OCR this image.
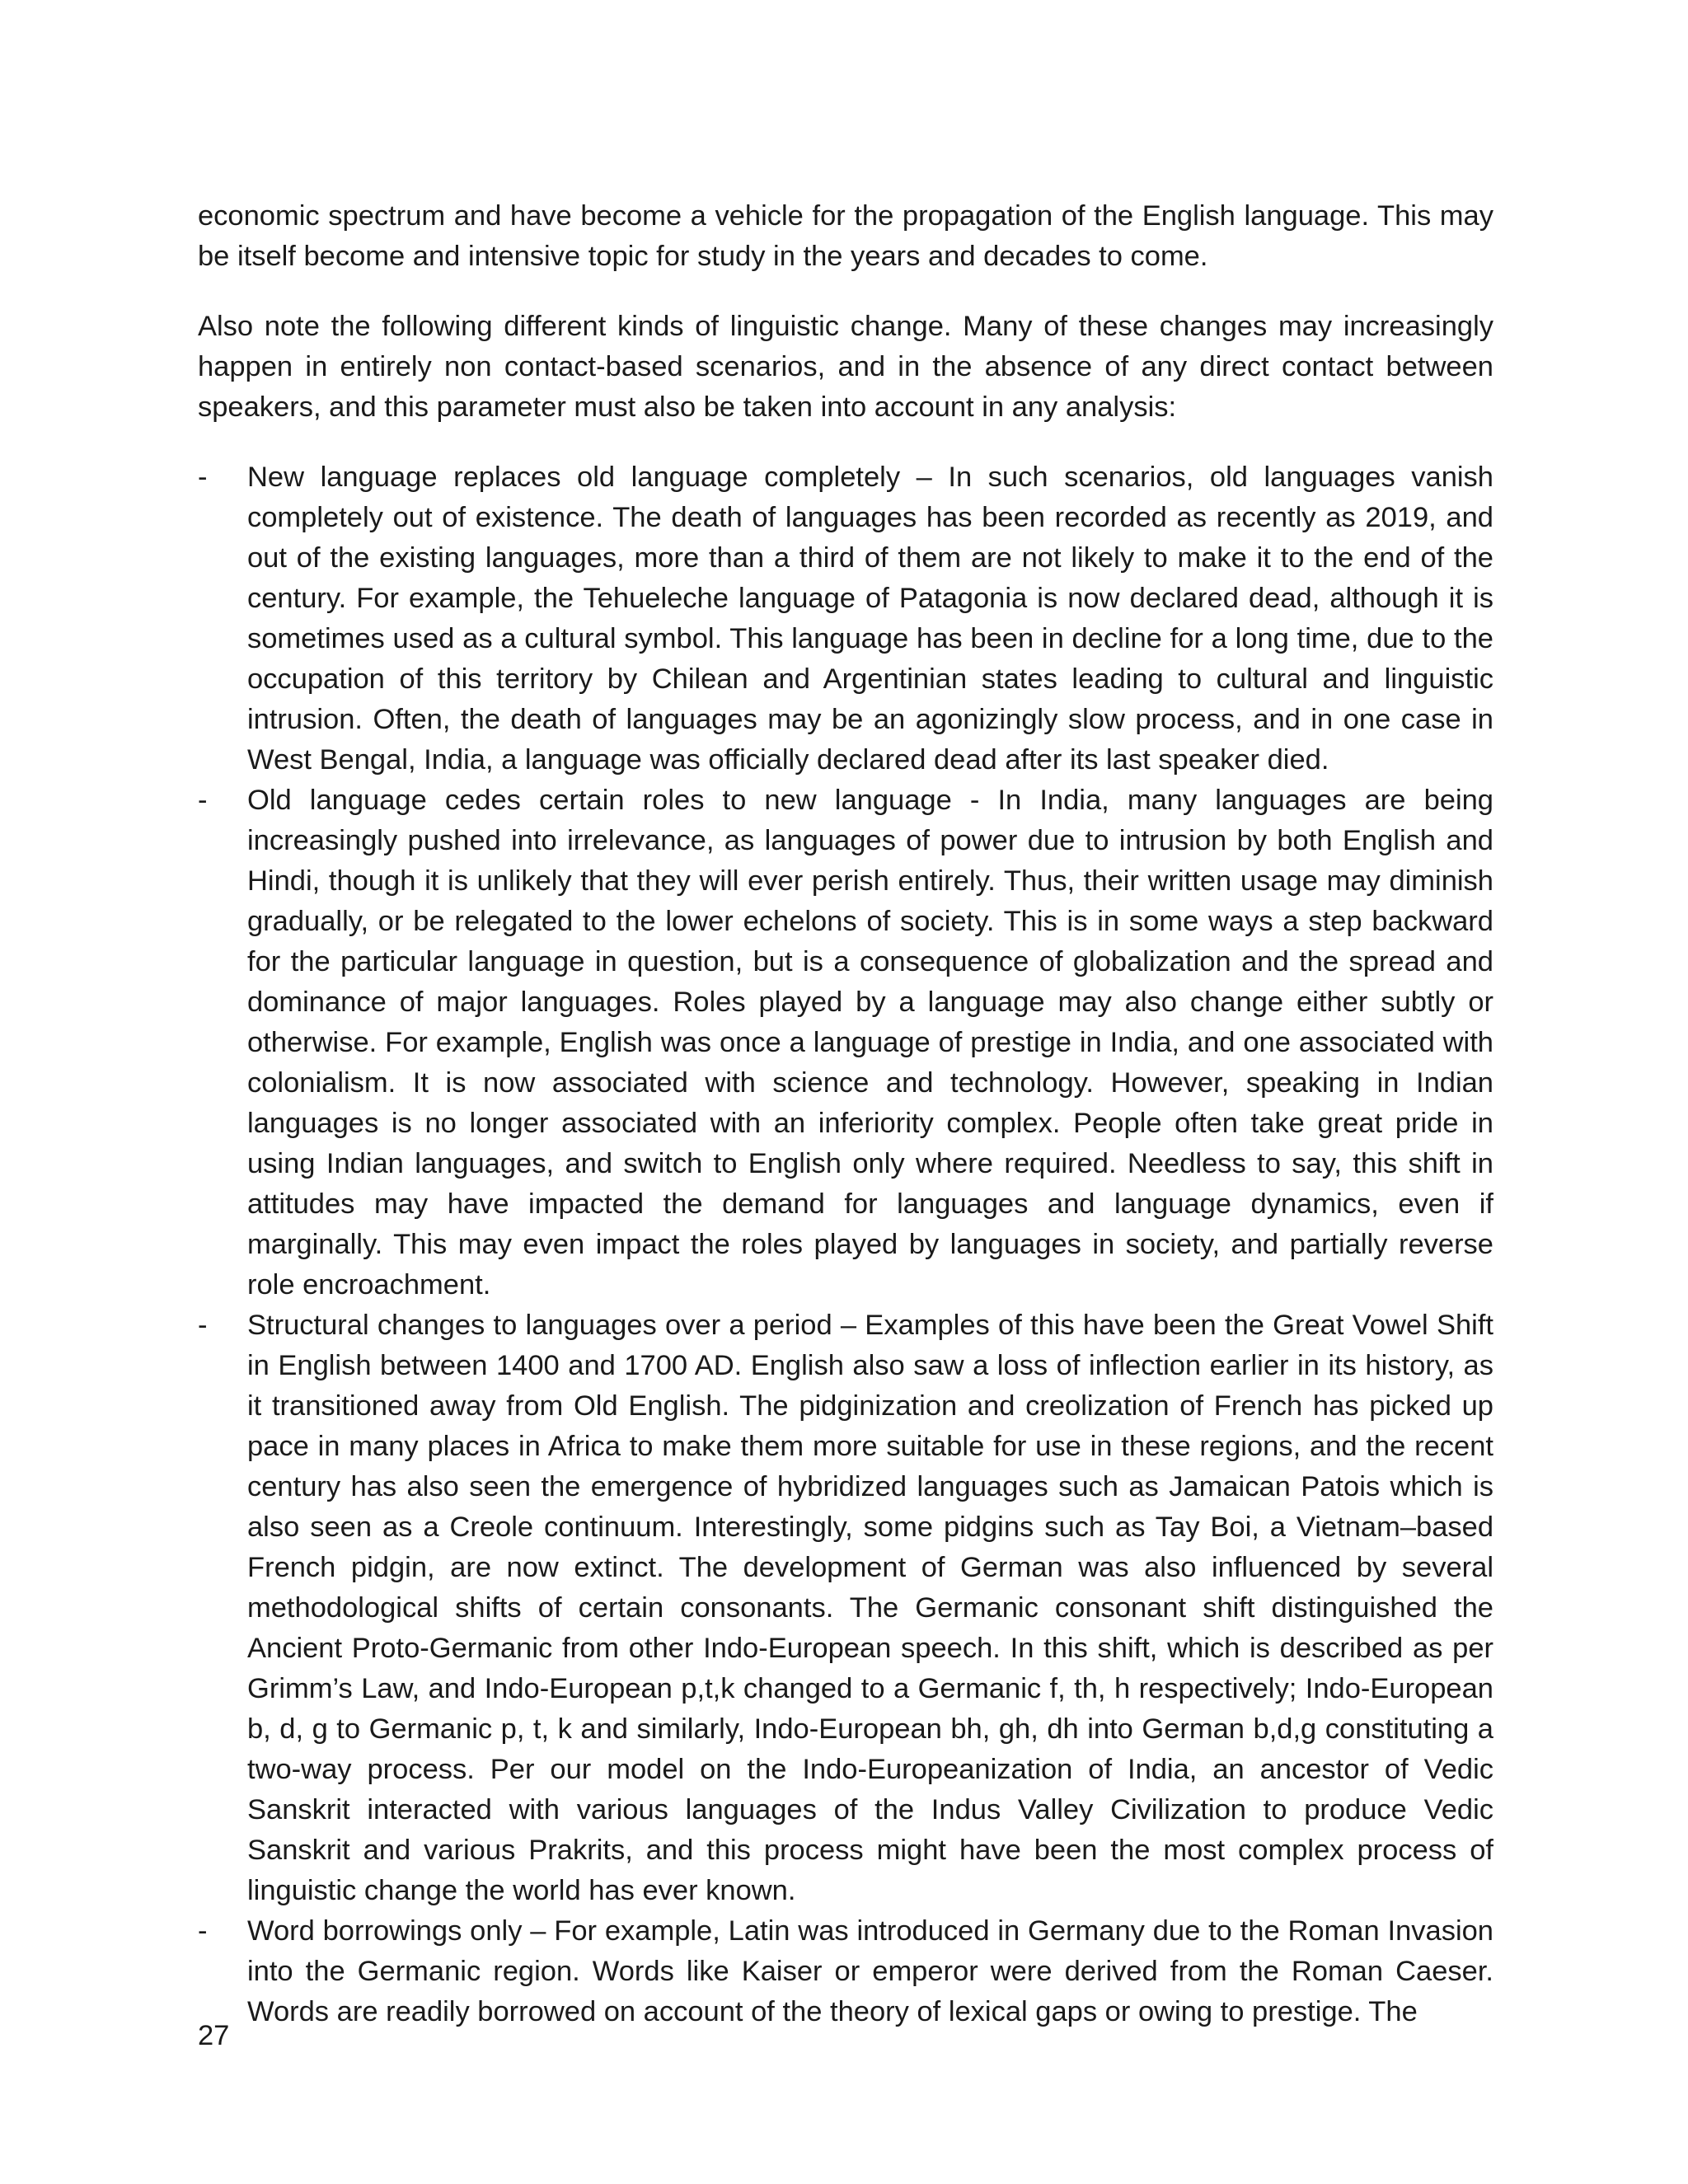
economic spectrum and have become a vehicle for the propagation of the English language. This may be itself become and intensive topic for study in the years and decades to come.

Also note the following different kinds of linguistic change. Many of these changes may increasingly happen in entirely non contact-based scenarios, and in the absence of any direct contact between speakers, and this parameter must also be taken into account in any analysis:

- New language replaces old language completely – In such scenarios, old languages vanish completely out of existence. The death of languages has been recorded as recently as 2019, and out of the existing languages, more than a third of them are not likely to make it to the end of the century. For example, the Tehueleche language of Patagonia is now declared dead, although it is sometimes used as a cultural symbol. This language has been in decline for a long time, due to the occupation of this territory by Chilean and Argentinian states leading to cultural and linguistic intrusion. Often, the death of languages may be an agonizingly slow process, and in one case in West Bengal, India, a language was officially declared dead after its last speaker died.
- Old language cedes certain roles to new language - In India, many languages are being increasingly pushed into irrelevance, as languages of power due to intrusion by both English and Hindi, though it is unlikely that they will ever perish entirely. Thus, their written usage may diminish gradually, or be relegated to the lower echelons of society. This is in some ways a step backward for the particular language in question, but is a consequence of globalization and the spread and dominance of major languages. Roles played by a language may also change either subtly or otherwise. For example, English was once a language of prestige in India, and one associated with colonialism. It is now associated with science and technology. However, speaking in Indian languages is no longer associated with an inferiority complex. People often take great pride in using Indian languages, and switch to English only where required. Needless to say, this shift in attitudes may have impacted the demand for languages and language dynamics, even if marginally. This may even impact the roles played by languages in society, and partially reverse role encroachment.
- Structural changes to languages over a period – Examples of this have been the Great Vowel Shift in English between 1400 and 1700 AD. English also saw a loss of inflection earlier in its history, as it transitioned away from Old English. The pidginization and creolization of French has picked up pace in many places in Africa to make them more suitable for use in these regions, and the recent century has also seen the emergence of hybridized languages such as Jamaican Patois which is also seen as a Creole continuum. Interestingly, some pidgins such as Tay Boi, a Vietnam–based French pidgin, are now extinct. The development of German was also influenced by several methodological shifts of certain consonants. The Germanic consonant shift distinguished the Ancient Proto-Germanic from other Indo-European speech. In this shift, which is described as per Grimm’s Law, and Indo-European p,t,k changed to a Germanic f, th, h respectively; Indo-European b, d, g to Germanic p, t, k and similarly, Indo-European bh, gh, dh into German b,d,g constituting a two-way process. Per our model on the Indo-Europeanization of India, an ancestor of Vedic Sanskrit interacted with various languages of the Indus Valley Civilization to produce Vedic Sanskrit and various Prakrits, and this process might have been the most complex process of linguistic change the world has ever known.
- Word borrowings only – For example, Latin was introduced in Germany due to the Roman Invasion into the Germanic region. Words like Kaiser or emperor were derived from the Roman Caeser. Words are readily borrowed on account of the theory of lexical gaps or owing to prestige. The
27
